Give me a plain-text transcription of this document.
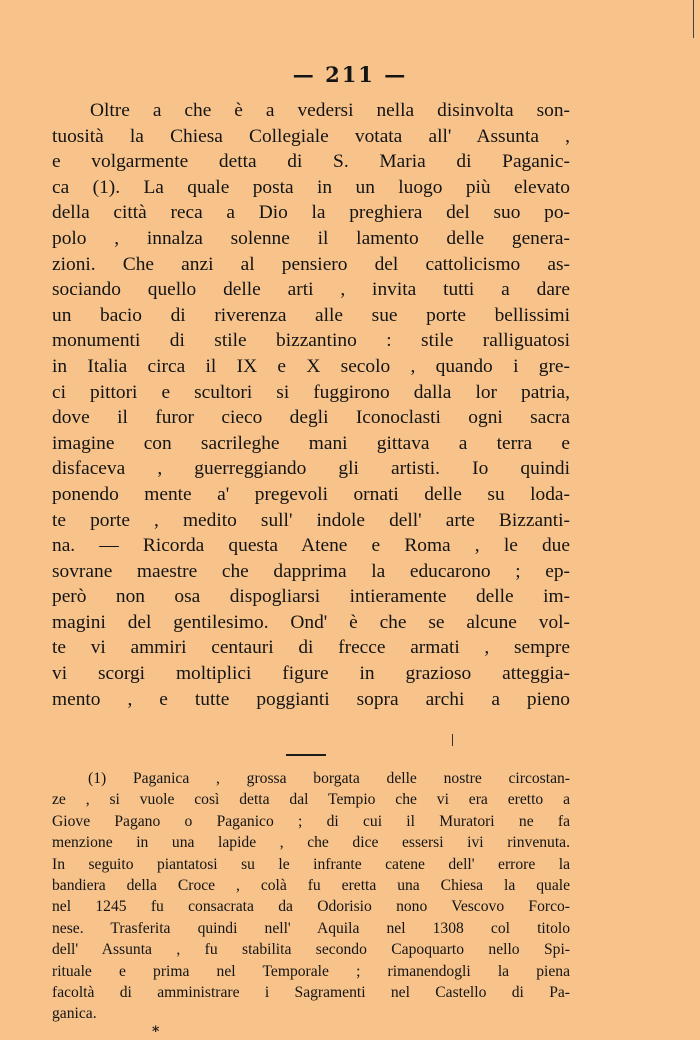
— 211 —
Oltre a che è a vedersi nella disinvolta son-
tuosità la Chiesa Collegiale votata all' Assunta ,
e volgarmente detta di S. Maria di Paganic-
ca (1). La quale posta in un luogo più elevato
della città reca a Dio la preghiera del suo po-
polo , innalza solenne il lamento delle genera-
zioni. Che anzi al pensiero del cattolicismo as-
sociando quello delle arti , invita tutti a dare
un bacio di riverenza alle sue porte bellissimi
monumenti di stile bizzantino : stile ralliguatosi
in Italia circa il IX e X secolo , quando i gre-
ci pittori e scultori si fuggirono dalla lor patria,
dove il furor cieco degli Iconoclasti ogni sacra
imagine con sacrileghe mani gittava a terra e
disfaceva , guerreggiando gli artisti. Io quindi
ponendo mente a' pregevoli ornati delle su loda-
te porte , medito sull' indole dell' arte Bizzanti-
na. — Ricorda questa Atene e Roma , le due
sovrane maestre che dapprima la educarono ; ep-
però non osa dispogliarsi intieramente delle im-
magini del gentilesimo. Ond' è che se alcune vol-
te vi ammiri centauri di frecce armati , sempre
vi scorgi moltiplici figure in grazioso atteggia-
mento , e tutte poggianti sopra archi a pieno
(1) Paganica , grossa borgata delle nostre circostan-
ze , si vuole così detta dal Tempio che vi era eretto a
Giove Pagano o Paganico ; di cui il Muratori ne fa
menzione in una lapide , che dice essersi ivi rinvenuta.
In seguito piantatosi su le infrante catene dell' errore la
bandiera della Croce , colà fu eretta una Chiesa la quale
nel 1245 fu consacrata da Odorisio nono Vescovo Forco-
nese. Trasferita quindi nell' Aquila nel 1308 col titolo
dell' Assunta , fu stabilita secondo Capoquarto nello Spi-
rituale e prima nel Temporale ; rimanendogli la piena
facoltà di amministrare i Sagramenti nel Castello di Pa-
ganica.
*
